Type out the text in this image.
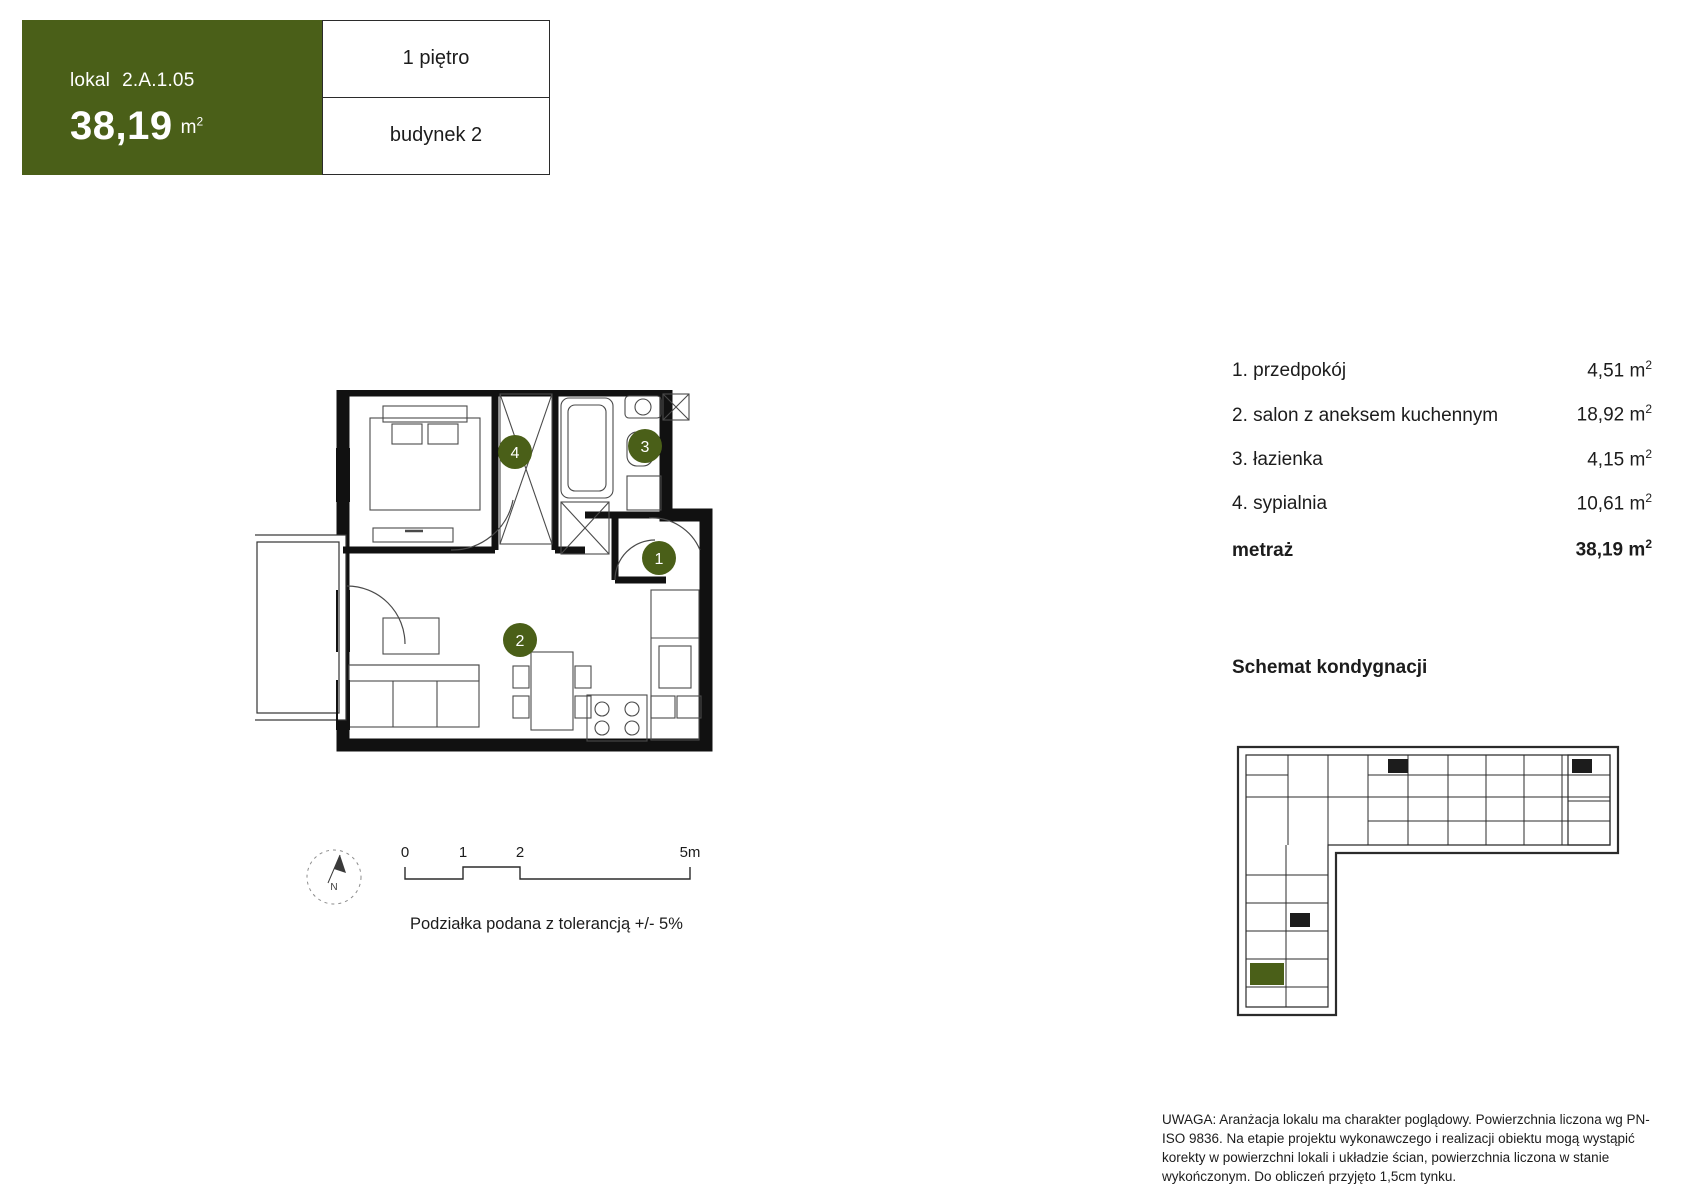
lokal 2.A.1.05
38,19 $m^2$
1 piętro
budynek 2
4	3
1
2
N
0	1	2	5m
Podziałka podana z tolerancją +/- 5%
1. przedpokój	4,51 $m^2$
2. salon z aneksem kuchennym	18,92 $m^2$
3. łazienka	4,15 $m^2$
4. sypialnia	10,61 $m^2$
metraż	38,19 $m^2$
Schemat kondygnacji
UWAGA: Aranżacja lokalu ma charakter poglądowy. Powierzchnia liczona wg PN-ISO 9836. Na etapie projektu wykonawczego i realizacji obiektu mogą wystąpić korekty w powierzchni lokali i układzie ścian, powierzchnia liczona w stanie wykończonym. Do obliczeń przyjęto 1,5cm tynku.
